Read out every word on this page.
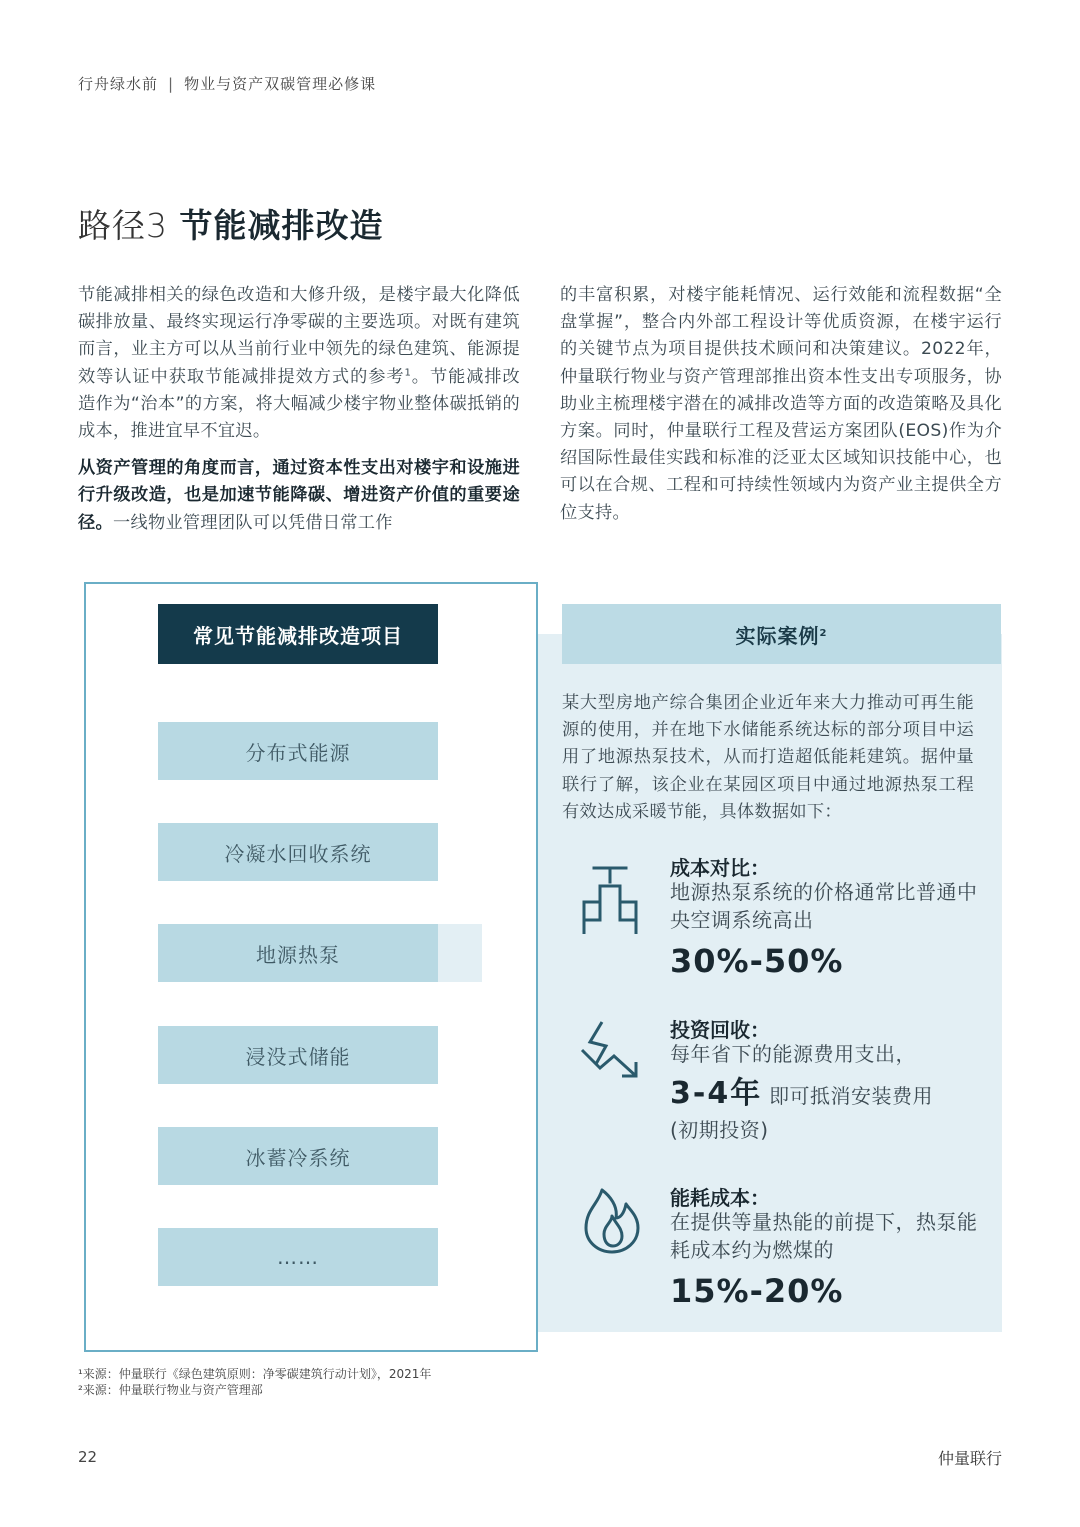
行舟绿水前 | 物业与资产双碳管理必修课
路径3 节能减排改造

节能减排相关的绿色改造和大修升级，是楼宇最大化降低碳排放量、最终实现运行净零碳的主要选项。对既有建筑而言，业主方可以从当前行业中领先的绿色建筑、能源提效等认证中获取节能减排提效方式的参考$^1$。节能减排改造作为“治本”的方案，将大幅减少楼宇物业整体碳抵销的成本，推进宜早不宜迟。

从资产管理的角度而言，通过资本性支出对楼宇和设施进行升级改造，也是加速节能降碳、增进资产价值的重要途径。一线物业管理团队可以凭借日常工作

的丰富积累，对楼宇能耗情况、运行效能和流程数据“全盘掌握”，整合内外部工程设计等优质资源，在楼宇运行的关键节点为项目提供技术顾问和决策建议。2022年，仲量联行物业与资产管理部推出资本性支出专项服务，协助业主梳理楼宇潜在的减排改造等方面的改造策略及具化方案。同时，仲量联行工程及营运方案团队(EOS)作为介绍国际性最佳实践和标准的泛亚太区域知识技能中心，也可以在合规、工程和可持续性领域内为资产业主提供全方位支持。

常见节能减排改造项目
分布式能源
冷凝水回收系统
地源热泵
浸没式储能
冰蓄冷系统
……
实际案例 2
某大型房地产综合集团企业近年来大力推动可再生能源的使用，并在地下水储能系统达标的部分项目中运用了地源热泵技术，从而打造超低能耗建筑。据仲量联行了解，该企业在某园区项目中通过地源热泵工程有效达成采暖节能，具体数据如下：
成本对比：
地源热泵系统的价格通常比普通中央空调系统高出
30%-50%
投资回收：
每年省下的能源费用支出，
3-4年 即可抵消安装费用
(初期投资)
能耗成本：
在提供等量热能的前提下，热泵能耗成本约为燃煤的
15%-20%
¹来源：仲量联行《绿色建筑原则：净零碳建筑行动计划》，2021年
²来源：仲量联行物业与资产管理部
22	仲量联行
